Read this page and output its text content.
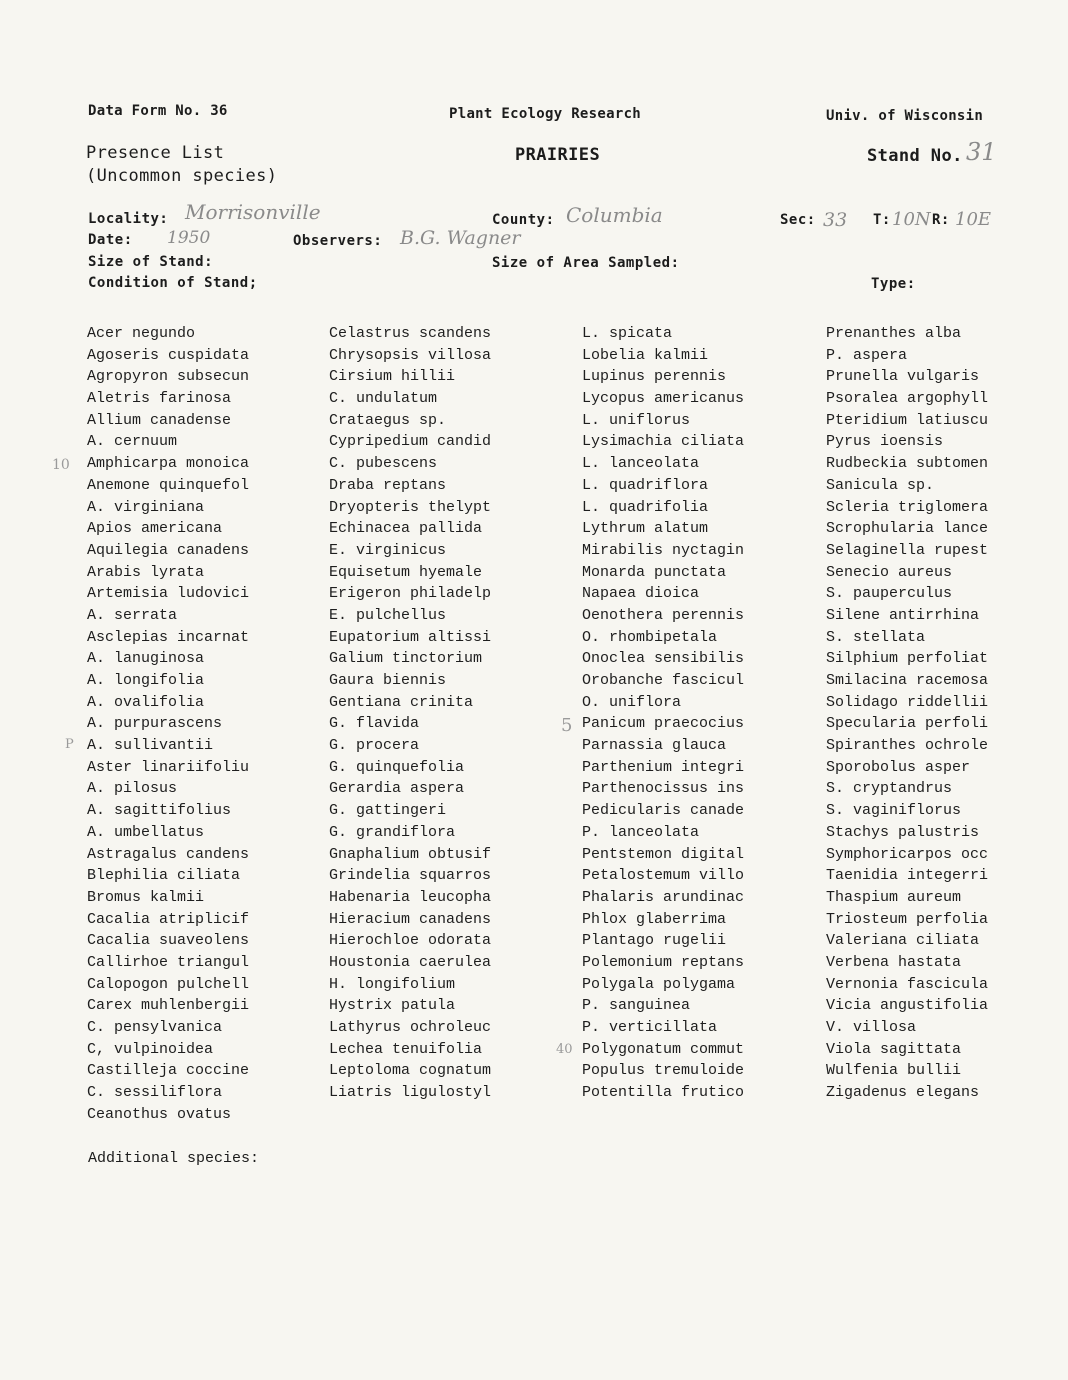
Data Form No. 36	Plant Ecology Research	Univ. of Wisconsin
Presence List
(Uncommon species)
PRAIRIES	Stand No. 31
Locality: Morrisonville	County: Columbia	Sec: 33 T: 10N R: 10E
Date: 1950	Observers: B.G. Wagner
Size of Stand:	Size of Area Sampled:
Condition of Stand;	Type:
Acer negundo
Agoseris cuspidata
Agropyron subsecun
Aletris farinosa
Allium canadense
A. cernuum
Amphicarpa monoica
Anemone quinquefol
A. virginiana
Apios americana
Aquilegia canadens
Arabis lyrata
Artemisia ludovici
A. serrata
Asclepias incarnat
A. lanuginosa
A. longifolia
A. ovalifolia
A. purpurascens
A. sullivantii
Aster linariifoliu
A. pilosus
A. sagittifolius
A. umbellatus
Astragalus candens
Blephilia ciliata
Bromus kalmii
Cacalia atriplicif
Cacalia suaveolens
Callirhoe triangul
Calopogon pulchell
Carex muhlenbergii
C. pensylvanica
C, vulpinoidea
Castilleja coccine
C. sessiliflora
Ceanothus ovatus
Celastrus scandens
Chrysopsis villosa
Cirsium hillii
C. undulatum
Crataegus sp.
Cypripedium candid
C. pubescens
Draba reptans
Dryopteris thelypt
Echinacea pallida
E. virginicus
Equisetum hyemale
Erigeron philadelp
E. pulchellus
Eupatorium altissi
Galium tinctorium
Gaura biennis
Gentiana crinita
G. flavida
G. procera
G. quinquefolia
Gerardia aspera
G. gattingeri
G. grandiflora
Gnaphalium obtusif
Grindelia squarros
Habenaria leucopha
Hieracium canadens
Hierochloe odorata
Houstonia caerulea
H. longifolium
Hystrix patula
Lathyrus ochroleuc
Lechea tenuifolia
Leptoloma cognatum
Liatris ligulostyl
L. spicata
Lobelia kalmii
Lupinus perennis
Lycopus americanus
L. uniflorus
Lysimachia ciliata
L. lanceolata
L. quadriflora
L. quadrifolia
Lythrum alatum
Mirabilis nyctagin
Monarda punctata
Napaea dioica
Oenothera perennis
O. rhombipetala
Onoclea sensibilis
Orobanche fascicul
O. uniflora
Panicum praecocius
Parnassia glauca
Parthenium integri
Parthenocissus ins
Pedicularis canade
P. lanceolata
Pentstemon digital
Petalostemum villo
Phalaris arundinac
Phlox glaberrima
Plantago rugelii
Polemonium reptans
Polygala polygama
P. sanguinea
P. verticillata
Polygonatum commut
Populus tremuloide
Potentilla frutico
Prenanthes alba
P. aspera
Prunella vulgaris
Psoralea argophyll
Pteridium latiuscu
Pyrus ioensis
Rudbeckia subtomen
Sanicula sp.
Scleria triglomera
Scrophularia lance
Selaginella rupest
Senecio aureus
S. pauperculus
Silene antirrhina
S. stellata
Silphium perfoliat
Smilacina racemosa
Solidago riddellii
Specularia perfoli
Spiranthes ochrole
Sporobolus asper
S. cryptandrus
S. vaginiflorus
Stachys palustris
Symphoricarpos occ
Taenidia integerri
Thaspium aureum
Triosteum perfolia
Valeriana ciliata
Verbena hastata
Vernonia fascicula
Vicia angustifolia
V. villosa
Viola sagittata
Wulfenia bullii
Zigadenus elegans
10
P
5
40
Additional species:
